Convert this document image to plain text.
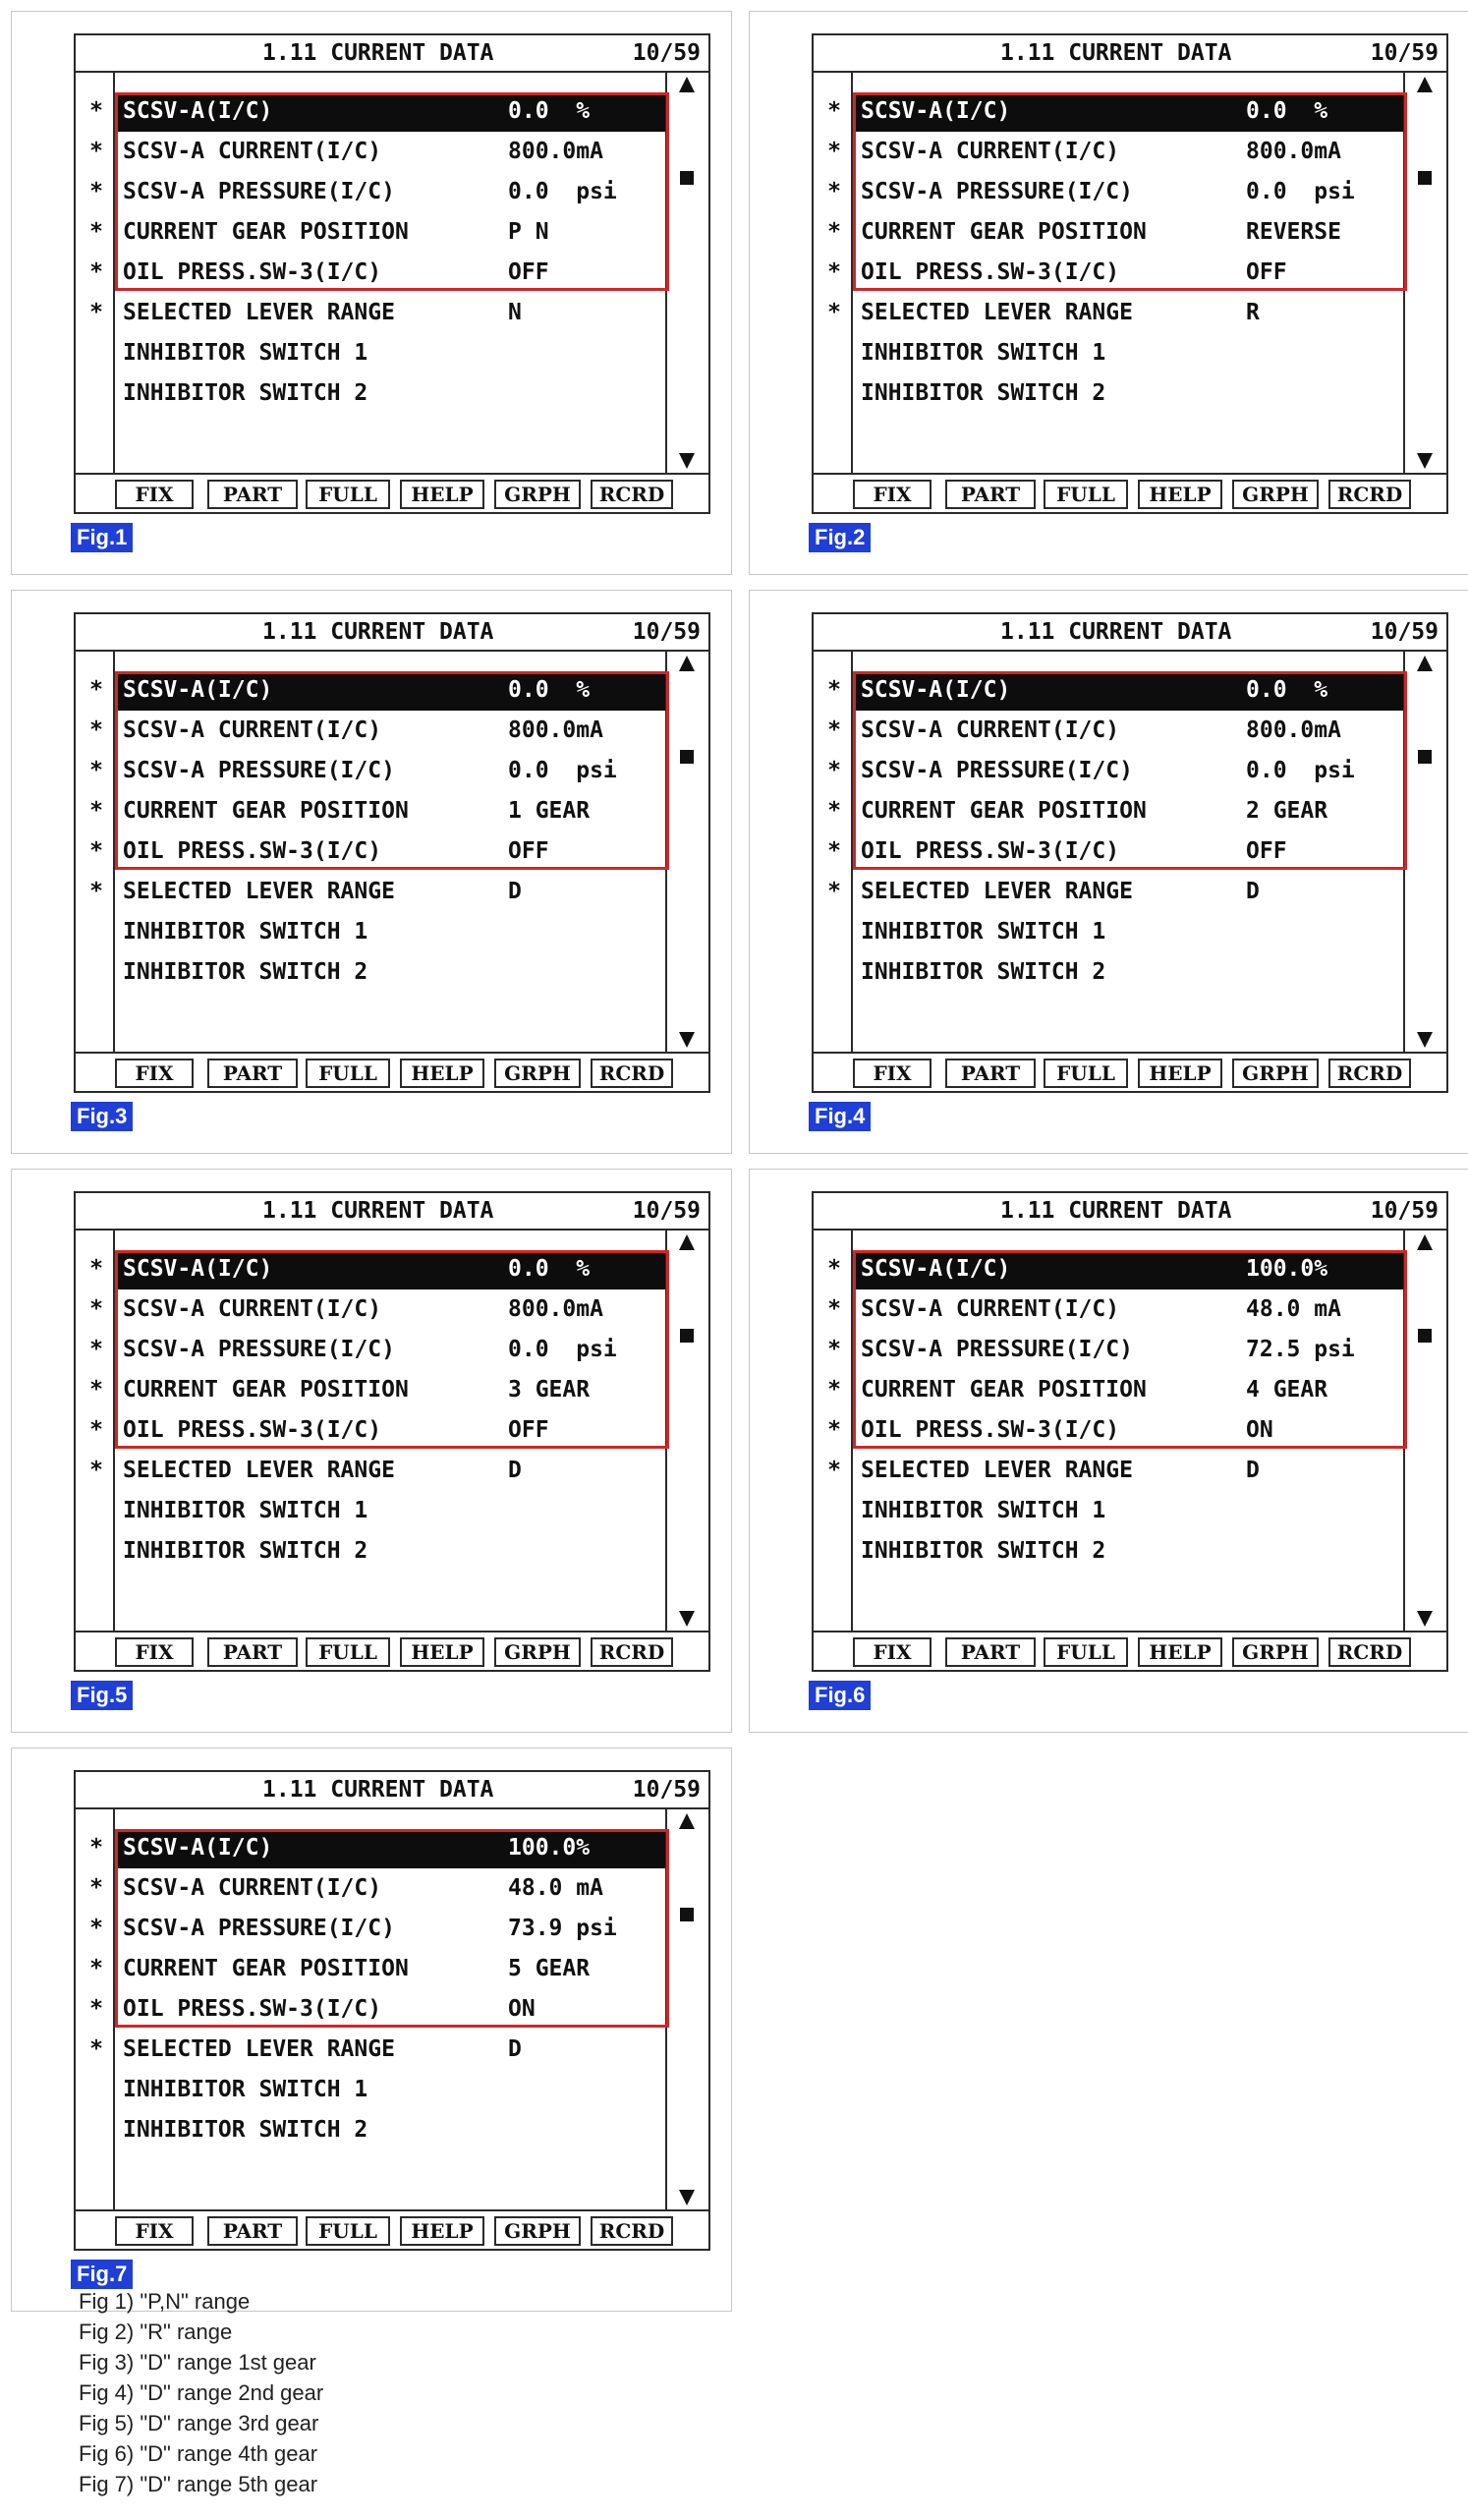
1.11 CURRENT DATA	10/59
* SCSV-A(I/C)	0.0  %
* SCSV-A CURRENT(I/C)	800.0mA
* SCSV-A PRESSURE(I/C)	0.0  psi
* CURRENT GEAR POSITION	P N
* OIL PRESS.SW-3(I/C)	OFF
* SELECTED LEVER RANGE	N
INHIBITOR SWITCH 1
INHIBITOR SWITCH 2
FIX	PART	FULL	HELP	GRPH	RCRD
Fig.1
1.11 CURRENT DATA	10/59
* SCSV-A(I/C)	0.0  %
* SCSV-A CURRENT(I/C)	800.0mA
* SCSV-A PRESSURE(I/C)	0.0  psi
* CURRENT GEAR POSITION	REVERSE
* OIL PRESS.SW-3(I/C)	OFF
* SELECTED LEVER RANGE	R
INHIBITOR SWITCH 1
INHIBITOR SWITCH 2
FIX	PART	FULL	HELP	GRPH	RCRD
Fig.2
1.11 CURRENT DATA	10/59
* SCSV-A(I/C)	0.0  %
* SCSV-A CURRENT(I/C)	800.0mA
* SCSV-A PRESSURE(I/C)	0.0  psi
* CURRENT GEAR POSITION	1 GEAR
* OIL PRESS.SW-3(I/C)	OFF
* SELECTED LEVER RANGE	D
INHIBITOR SWITCH 1
INHIBITOR SWITCH 2
FIX	PART	FULL	HELP	GRPH	RCRD
Fig.3
1.11 CURRENT DATA	10/59
* SCSV-A(I/C)	0.0  %
* SCSV-A CURRENT(I/C)	800.0mA
* SCSV-A PRESSURE(I/C)	0.0  psi
* CURRENT GEAR POSITION	2 GEAR
* OIL PRESS.SW-3(I/C)	OFF
* SELECTED LEVER RANGE	D
INHIBITOR SWITCH 1
INHIBITOR SWITCH 2
FIX	PART	FULL	HELP	GRPH	RCRD
Fig.4
1.11 CURRENT DATA	10/59
* SCSV-A(I/C)	0.0  %
* SCSV-A CURRENT(I/C)	800.0mA
* SCSV-A PRESSURE(I/C)	0.0  psi
* CURRENT GEAR POSITION	3 GEAR
* OIL PRESS.SW-3(I/C)	OFF
* SELECTED LEVER RANGE	D
INHIBITOR SWITCH 1
INHIBITOR SWITCH 2
FIX	PART	FULL	HELP	GRPH	RCRD
Fig.5
1.11 CURRENT DATA	10/59
* SCSV-A(I/C)	100.0%
* SCSV-A CURRENT(I/C)	48.0 mA
* SCSV-A PRESSURE(I/C)	72.5 psi
* CURRENT GEAR POSITION	4 GEAR
* OIL PRESS.SW-3(I/C)	ON
* SELECTED LEVER RANGE	D
INHIBITOR SWITCH 1
INHIBITOR SWITCH 2
FIX	PART	FULL	HELP	GRPH	RCRD
Fig.6
1.11 CURRENT DATA	10/59
* SCSV-A(I/C)	100.0%
* SCSV-A CURRENT(I/C)	48.0 mA
* SCSV-A PRESSURE(I/C)	73.9 psi
* CURRENT GEAR POSITION	5 GEAR
* OIL PRESS.SW-3(I/C)	ON
* SELECTED LEVER RANGE	D
INHIBITOR SWITCH 1
INHIBITOR SWITCH 2
FIX	PART	FULL	HELP	GRPH	RCRD
Fig.7
Fig 1) "P,N" range
Fig 2) "R" range
Fig 3) "D" range 1st gear
Fig 4) "D" range 2nd gear
Fig 5) "D" range 3rd gear
Fig 6) "D" range 4th gear
Fig 7) "D" range 5th gear
